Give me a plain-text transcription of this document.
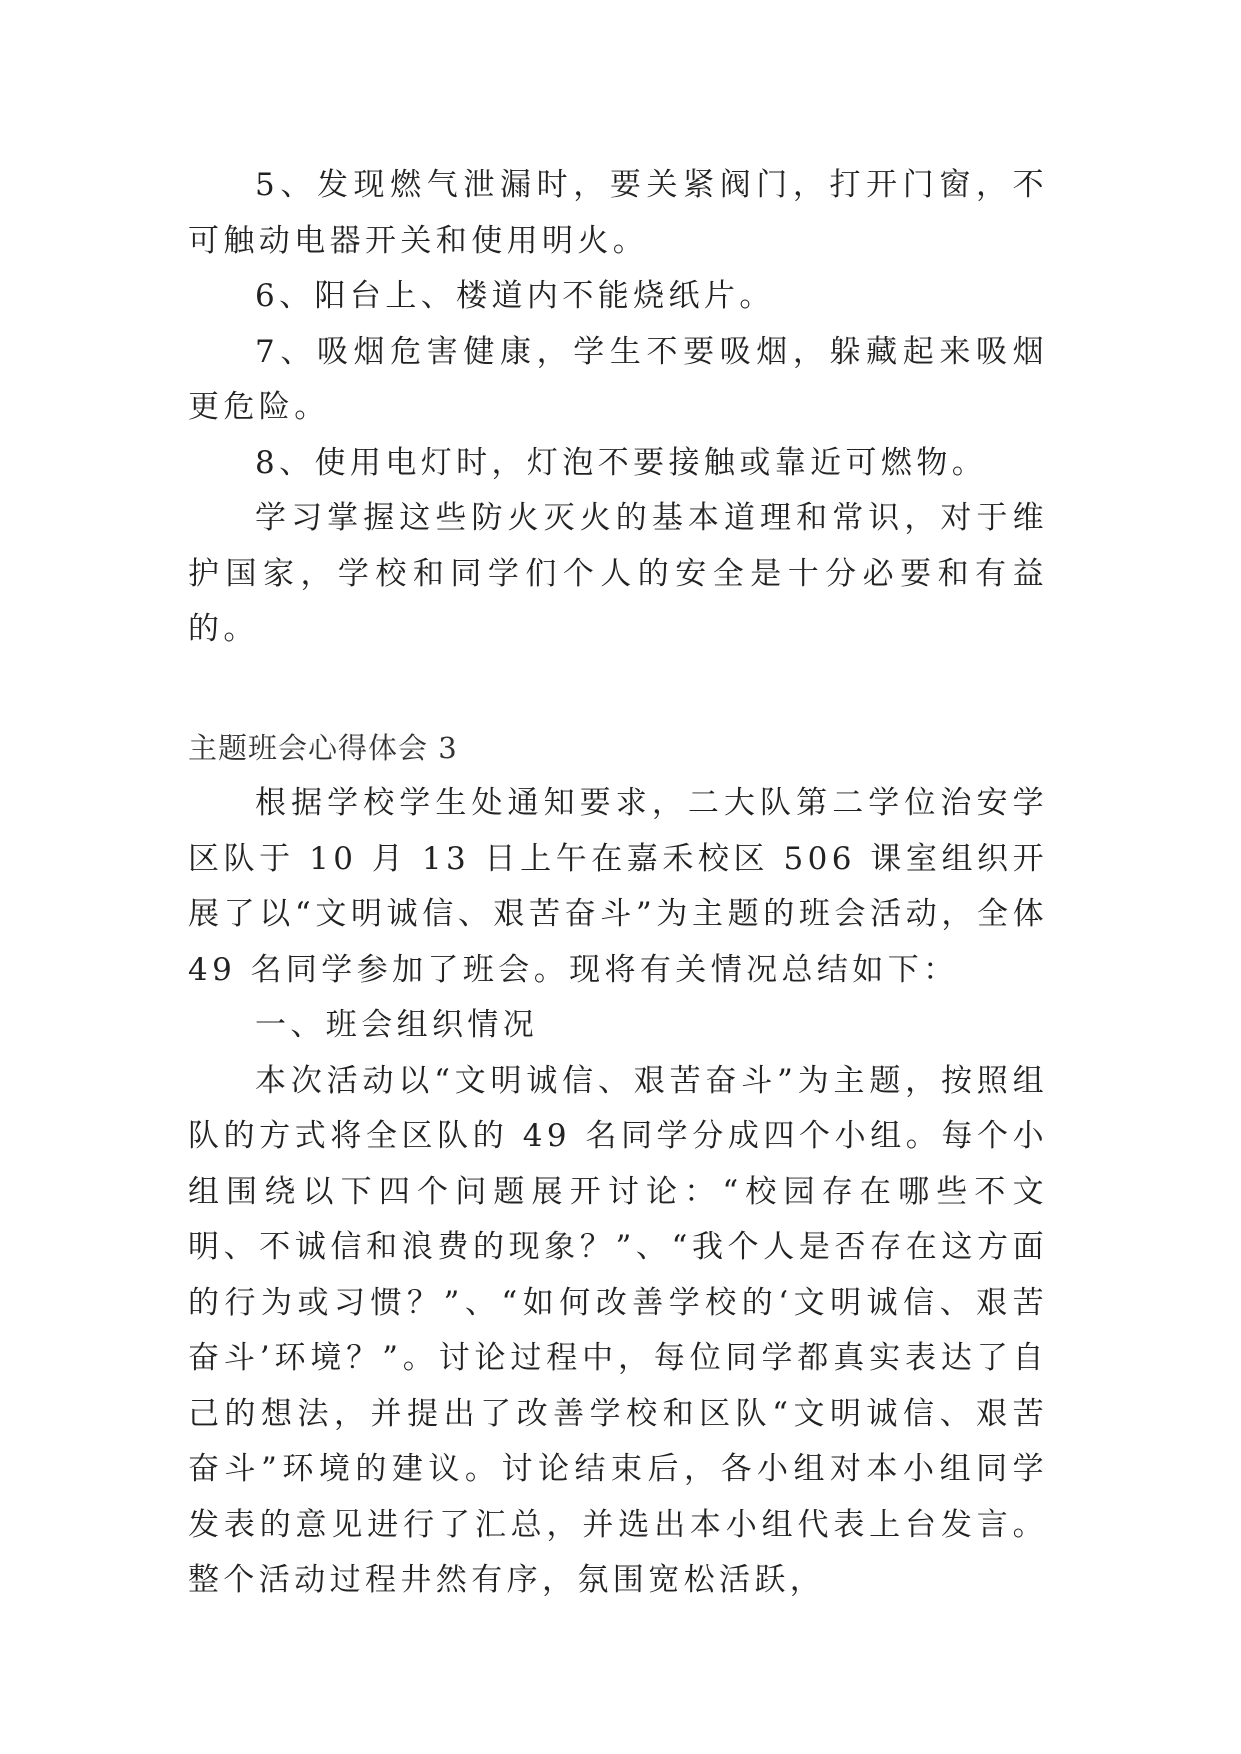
5、发现燃气泄漏时，要关紧阀门，打开门窗，不可触动电器开关和使用明火。

6、阳台上、楼道内不能烧纸片。

7、吸烟危害健康，学生不要吸烟，躲藏起来吸烟更危险。

8、使用电灯时，灯泡不要接触或靠近可燃物。

学习掌握这些防火灭火的基本道理和常识，对于维护国家，学校和同学们个人的安全是十分必要和有益的。

主题班会心得体会 3

根据学校学生处通知要求，二大队第二学位治安学区队于 10 月 13 日上午在嘉禾校区 506 课室组织开展了以“文明诚信、艰苦奋斗”为主题的班会活动，全体 49 名同学参加了班会。现将有关情况总结如下：

一、班会组织情况

本次活动以“文明诚信、艰苦奋斗”为主题，按照组队的方式将全区队的 49 名同学分成四个小组。每个小组围绕以下四个问题展开讨论：“校园存在哪些不文明、不诚信和浪费的现象？”、“我个人是否存在这方面的行为或习惯？”、“如何改善学校的‘文明诚信、艰苦奋斗’环境？”。讨论过程中，每位同学都真实表达了自己的想法，并提出了改善学校和区队“文明诚信、艰苦奋斗”环境的建议。讨论结束后，各小组对本小组同学发表的意见进行了汇总，并选出本小组代表上台发言。整个活动过程井然有序，氛围宽松活跃，
